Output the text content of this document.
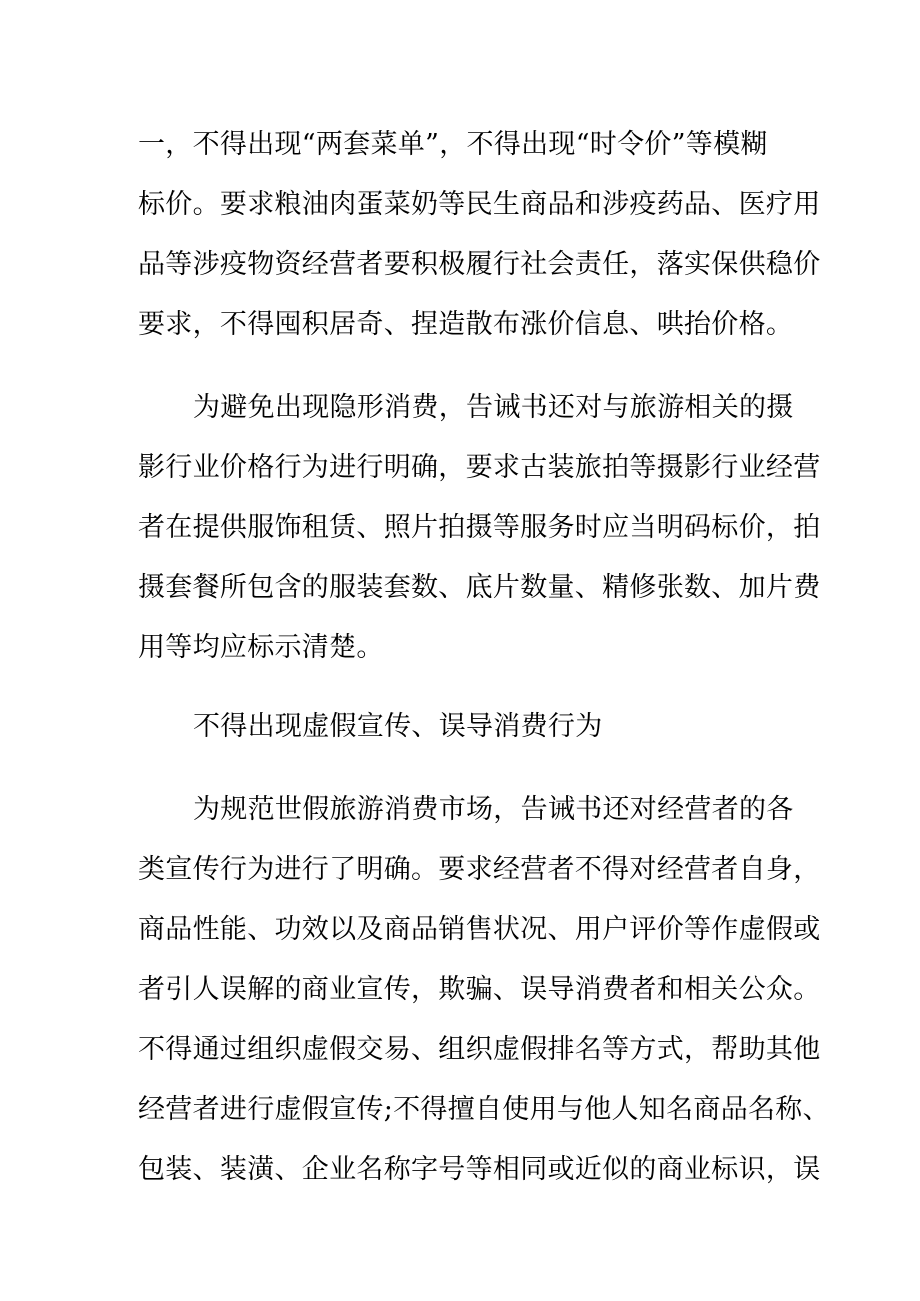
一，不得出现“两套菜单”，不得出现“时令价”等模糊
标价。要求粮油肉蛋菜奶等民生商品和涉疫药品、医疗用
品等涉疫物资经营者要积极履行社会责任，落实保供稳价
要求，不得囤积居奇、捏造散布涨价信息、哄抬价格。
为避免出现隐形消费，告诫书还对与旅游相关的摄
影行业价格行为进行明确，要求古装旅拍等摄影行业经营
者在提供服饰租赁、照片拍摄等服务时应当明码标价，拍
摄套餐所包含的服装套数、底片数量、精修张数、加片费
用等均应标示清楚。
不得出现虚假宣传、误导消费行为
为规范世假旅游消费市场，告诫书还对经营者的各
类宣传行为进行了明确。要求经营者不得对经营者自身，
商品性能、功效以及商品销售状况、用户评价等作虚假或
者引人误解的商业宣传，欺骗、误导消费者和相关公众。
不得通过组织虚假交易、组织虚假排名等方式，帮助其他
经营者进行虚假宣传;不得擅自使用与他人知名商品名称、
包装、装潢、企业名称字号等相同或近似的商业标识，误
